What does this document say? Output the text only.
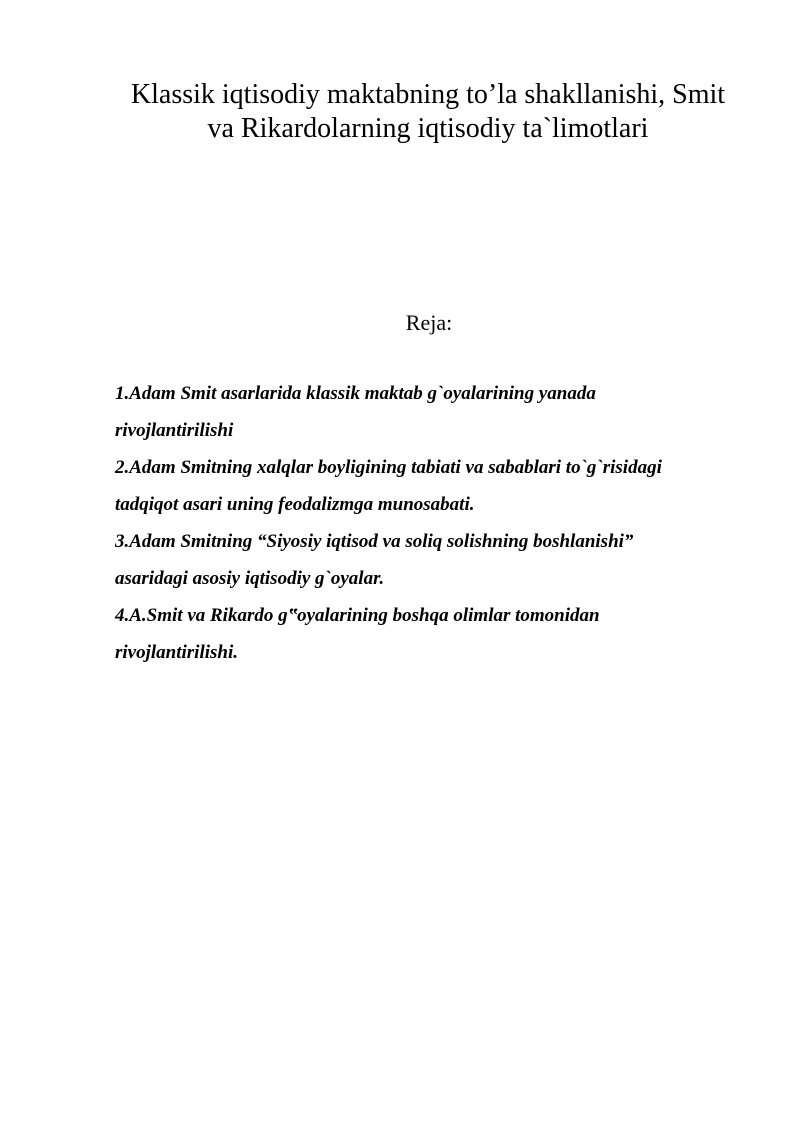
Klassik iqtisodiy maktabning to’la shakllanishi, Smit
va Rikardolarning iqtisodiy ta`limotlari
Reja:
1.Adam Smit asarlarida klassik maktab g`oyalarining yanada
rivojlantirilishi
2.Adam Smitning xalqlar boyligining tabiati va sabablari to`g`risidagi
tadqiqot asari uning feodalizmga munosabati.
3.Adam Smitning “Siyosiy iqtisod va soliq solishning boshlanishi”
asaridagi asosiy iqtisodiy g`oyalar.
4.A.Smit va Rikardo g‟oyalarining boshqa olimlar tomonidan
rivojlantirilishi.
